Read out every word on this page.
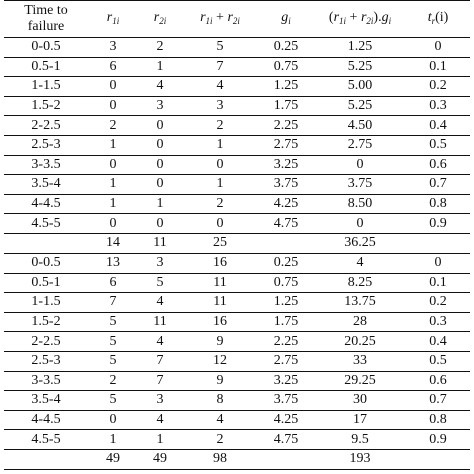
Time to
failure	$r_{1i}$	$r_{2i}$	$r_{1i} + r_{2i}$	$g_i$	$(r_{1i} + r_{2i}).g_i$	$t_r(i)$
0-0.5	3	2	5	0.25	1.25	0
0.5-1	6	1	7	0.75	5.25	0.1
1-1.5	0	4	4	1.25	5.00	0.2
1.5-2	0	3	3	1.75	5.25	0.3
2-2.5	2	0	2	2.25	4.50	0.4
2.5-3	1	0	1	2.75	2.75	0.5
3-3.5	0	0	0	3.25	0	0.6
3.5-4	1	0	1	3.75	3.75	0.7
4-4.5	1	1	2	4.25	8.50	0.8
4.5-5	0	0	0	4.75	0	0.9
	14	11	25		36.25	
0-0.5	13	3	16	0.25	4	0
0.5-1	6	5	11	0.75	8.25	0.1
1-1.5	7	4	11	1.25	13.75	0.2
1.5-2	5	11	16	1.75	28	0.3
2-2.5	5	4	9	2.25	20.25	0.4
2.5-3	5	7	12	2.75	33	0.5
3-3.5	2	7	9	3.25	29.25	0.6
3.5-4	5	3	8	3.75	30	0.7
4-4.5	0	4	4	4.25	17	0.8
4.5-5	1	1	2	4.75	9.5	0.9
	49	49	98		193	
